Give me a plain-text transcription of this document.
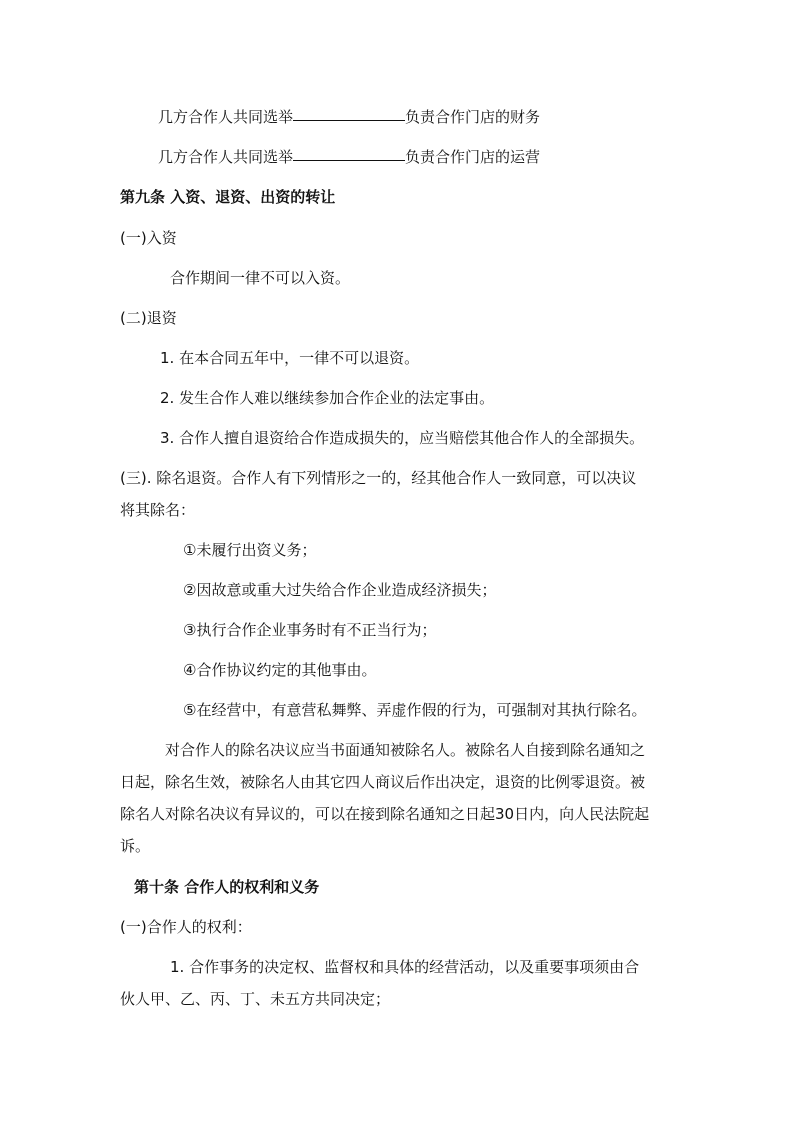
几方合作人共同选举	负责合作门店的财务
几方合作人共同选举	负责合作门店的运营
第九条 入资、退资、出资的转让
(一)入资
合作期间一律不可以入资。
(二)退资
1. 在本合同五年中，一律不可以退资。
2. 发生合作人难以继续参加合作企业的法定事由。
3. 合作人擅自退资给合作造成损失的，应当赔偿其他合作人的全部损失。
(三). 除名退资。合作人有下列情形之一的，经其他合作人一致同意，可以决议
将其除名：
①未履行出资义务；
②因故意或重大过失给合作企业造成经济损失；
③执行合作企业事务时有不正当行为；
④合作协议约定的其他事由。
⑤在经营中，有意营私舞弊、弄虚作假的行为，可强制对其执行除名。
对合作人的除名决议应当书面通知被除名人。被除名人自接到除名通知之
日起，除名生效，被除名人由其它四人商议后作出决定，退资的比例零退资。被
除名人对除名决议有异议的，可以在接到除名通知之日起30日内，向人民法院起
诉。
第十条 合作人的权利和义务
(一)合作人的权利：
1. 合作事务的决定权、监督权和具体的经营活动，以及重要事项须由合
伙人甲、乙、丙、丁、未五方共同决定；
